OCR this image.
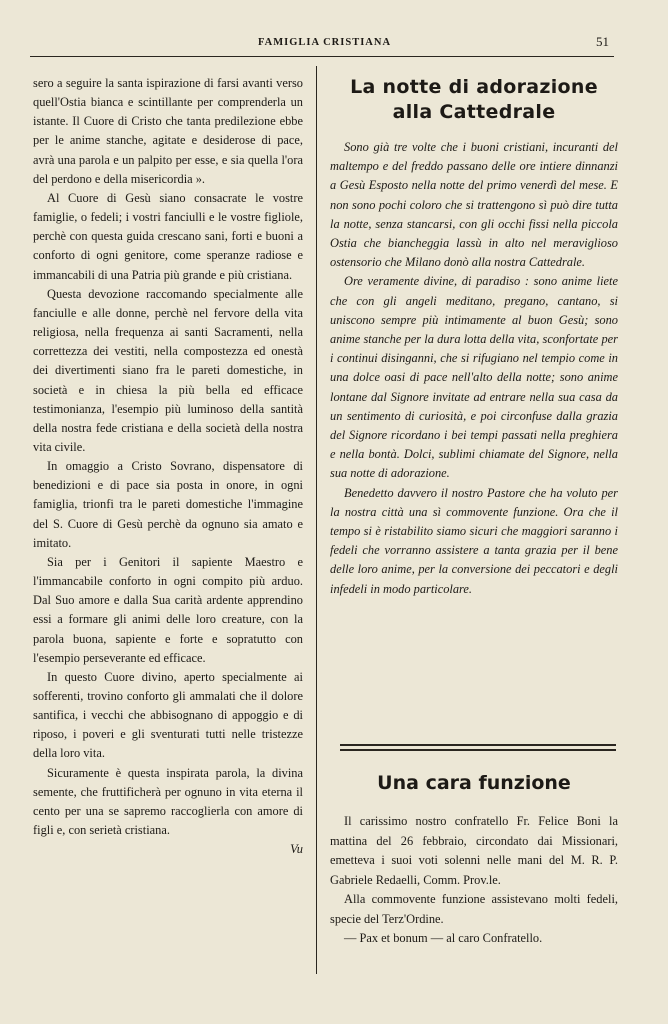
FAMIGLIA CRISTIANA	51

sero a seguire la santa ispirazione di farsi avanti verso quell'Ostia bianca e scintillante per comprenderla un istante. Il Cuore di Cristo che tanta predilezione ebbe per le anime stanche, agitate e desiderose di pace, avrà una parola e un palpito per esse, e sia quella l'ora del perdono e della misericordia ».

Al Cuore di Gesù siano consacrate le vostre famiglie, o fedeli; i vostri fanciulli e le vostre figliole, perchè con questa guida crescano sani, forti e buoni a conforto di ogni genitore, come speranze radiose e immancabili di una Patria più grande e più cristiana.

Questa devozione raccomando specialmente alle fanciulle e alle donne, perchè nel fervore della vita religiosa, nella frequenza ai santi Sacramenti, nella correttezza dei vestiti, nella compostezza ed onestà dei divertimenti siano fra le pareti domestiche, in società e in chiesa la più bella ed efficace testimonianza, l'esempio più luminoso della santità della nostra fede cristiana e della società della nostra vita civile.

In omaggio a Cristo Sovrano, dispensatore di benedizioni e di pace sia posta in onore, in ogni famiglia, trionfi tra le pareti domestiche l'immagine del S. Cuore di Gesù perchè da ognuno sia amato e imitato.

Sia per i Genitori il sapiente Maestro e l'immancabile conforto in ogni compito più arduo. Dal Suo amore e dalla Sua carità ardente apprendino essi a formare gli animi delle loro creature, con la parola buona, sapiente e forte e sopratutto con l'esempio perseverante ed efficace.

In questo Cuore divino, aperto specialmente ai sofferenti, trovino conforto gli ammalati che il dolore santifica, i vecchi che abbisognano di appoggio e di riposo, i poveri e gli sventurati tutti nelle tristezze della loro vita.

Sicuramente è questa inspirata parola, la divina semente, che fruttificherà per ognuno in vita eterna il cento per una se sapremo raccoglierla con amore di figli e, con serietà cristiana.

Vu
La notte di adorazione alla Cattedrale

Sono già tre volte che i buoni cristiani, incuranti del maltempo e del freddo passano delle ore intiere dinnanzi a Gesù Esposto nella notte del primo venerdì del mese. E non sono pochi coloro che si trattengono sì può dire tutta la notte, senza stancarsi, con gli occhi fissi nella piccola Ostia che biancheggia lassù in alto nel meraviglioso ostensorio che Milano donò alla nostra Cattedrale.

Ore veramente divine, di paradiso : sono anime liete che con gli angeli meditano, pregano, cantano, si uniscono sempre più intimamente al buon Gesù; sono anime stanche per la dura lotta della vita, sconfortate per i continui disinganni, che si rifugiano nel tempio come in una dolce oasi di pace nell'alto della notte; sono anime lontane dal Signore invitate ad entrare nella sua casa da un sentimento di curiosità, e poi circonfuse dalla grazia del Signore ricordano i bei tempi passati nella preghiera e nella bontà. Dolci, sublimi chiamate del Signore, nella sua notte di adorazione.

Benedetto davvero il nostro Pastore che ha voluto per la nostra città una sì commovente funzione. Ora che il tempo si è ristabilito siamo sicuri che maggiori saranno i fedeli che vorranno assistere a tanta grazia per il bene delle loro anime, per la conversione dei peccatori e degli infedeli in modo particolare.

Una cara funzione

Il carissimo nostro confratello Fr. Felice Boni la mattina del 26 febbraio, circondato dai Missionari, emetteva i suoi voti solenni nelle mani del M. R. P. Gabriele Redaelli, Comm. Prov.le.

Alla commovente funzione assistevano molti fedeli, specie del Terz'Ordine.

— Pax et bonum — al caro Confratello.
